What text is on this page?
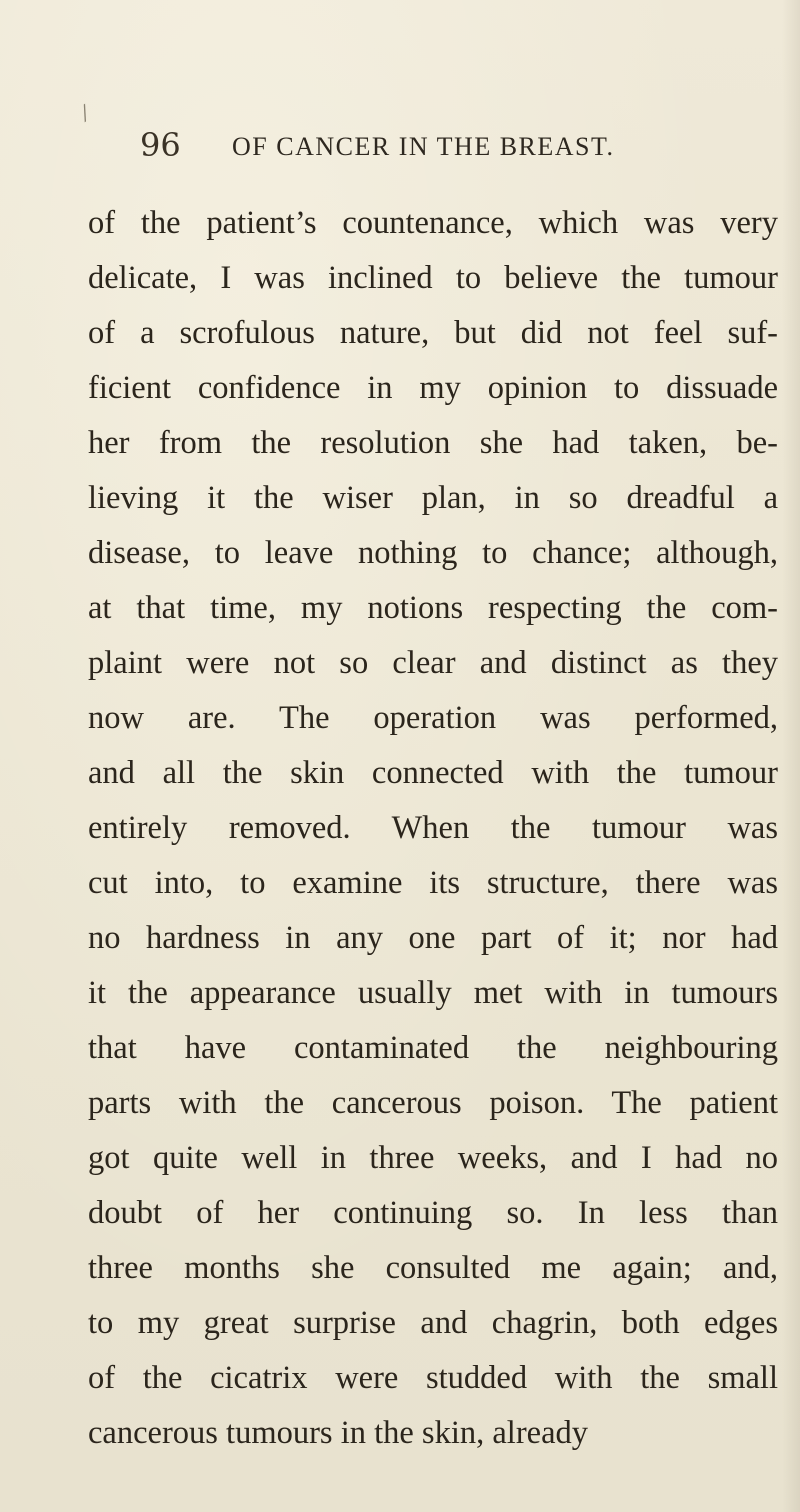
⁄
96 OF CANCER IN THE BREAST.
of the patient’s countenance, which was very
delicate, I was inclined to believe the tumour
of a scrofulous nature, but did not feel suf-
ficient confidence in my opinion to dissuade
her from the resolution she had taken, be-
lieving it the wiser plan, in so dreadful a
disease, to leave nothing to chance; although,
at that time, my notions respecting the com-
plaint were not so clear and distinct as they
now are. The operation was performed,
and all the skin connected with the tumour
entirely removed. When the tumour was
cut into, to examine its structure, there was
no hardness in any one part of it; nor had
it the appearance usually met with in tumours
that have contaminated the neighbouring
parts with the cancerous poison. The patient
got quite well in three weeks, and I had no
doubt of her continuing so. In less than
three months she consulted me again; and,
to my great surprise and chagrin, both edges
of the cicatrix were studded with the small
cancerous tumours in the skin, already
